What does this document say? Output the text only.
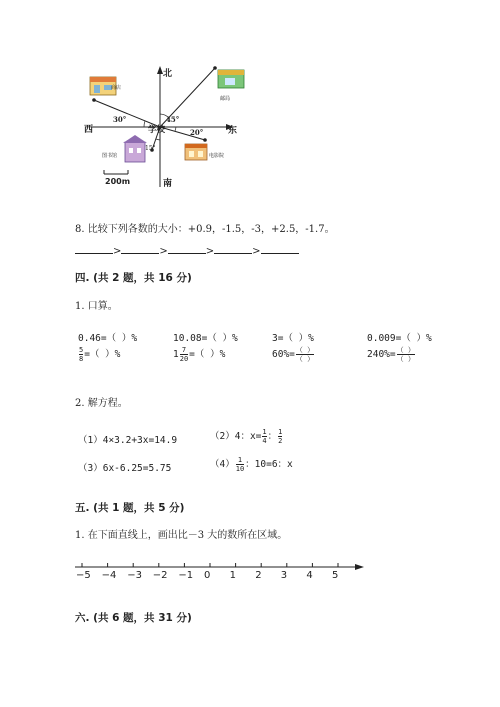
北
南
西	东
学校
30°	45°
20°
15°
商店
邮局
图书馆	电影院
200m
8. 比较下列各数的大小：+0.9，-1.5，-3，+2.5，-1.7。
>	>	>	>
四. (共 2 题，共 16 分)
1. 口算。
0.46=（ ）%	10.08=（ ）%	3=（ ）%	0.009=（ ）%
$\frac{5}{8}$ =（ ）%	$1 \frac{7}{20}$ =（ ）%	$60\%= \frac{( )}{( )}$	$240\%= \frac{( )}{( )}$
2. 解方程。
（1）4×3.2+3x=14.9	（2）4：$x= \frac{1}{4}$ ： $\frac{1}{2}$
（3）6x-6.25=5.75	$(4) \frac{1}{10}$ ：10=6：x
五. (共 1 题，共 5 分)
1. 在下面直线上，画出比－3 大的数所在区域。
−5 −4 −3 −2 −1 0 1 2 3 4 5
六. (共 6 题，共 31 分)
